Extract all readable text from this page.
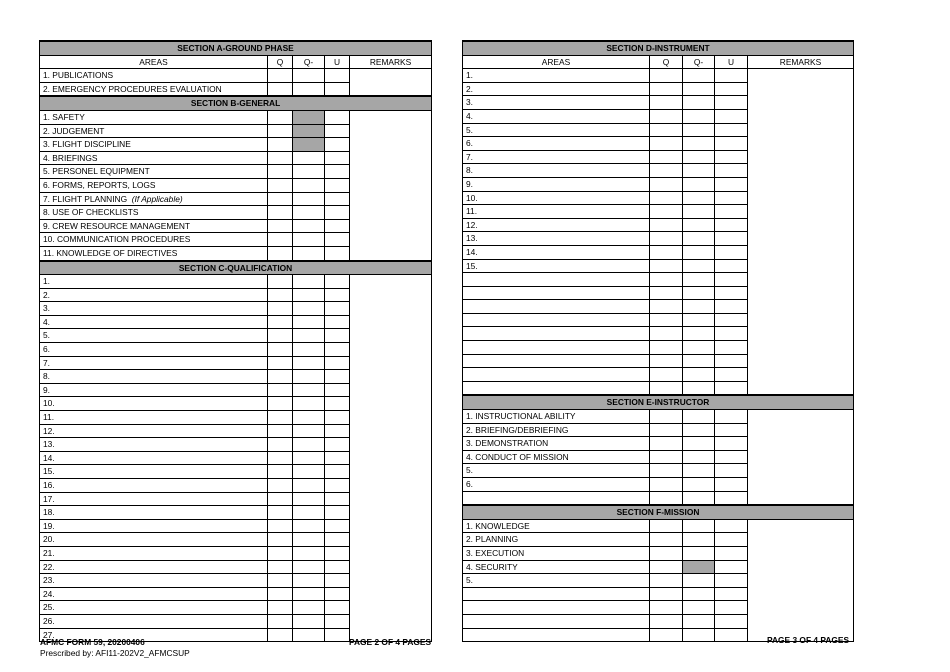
SECTION A-GROUND PHASE				
AREAS	Q	Q-	U	REMARKS
1. PUBLICATIONS				
2. EMERGENCY PROCEDURES EVALUATION				
SECTION B-GENERAL				
1. SAFETY				
2. JUDGEMENT				
3. FLIGHT DISCIPLINE				
4. BRIEFINGS				
5. PERSONEL EQUIPMENT				
6. FORMS, REPORTS, LOGS				
7. FLIGHT PLANNING (If Applicable)				
8. USE OF CHECKLISTS				
9. CREW RESOURCE MANAGEMENT				
10. COMMUNICATION PROCEDURES				
11. KNOWLEDGE OF DIRECTIVES				
SECTION C-QUALIFICATION				
1.				
2.				
3.				
4.				
5.				
6.				
7.				
8.				
9.				
10.				
11.				
12.				
13.				
14.				
15.				
16.				
17.				
18.				
19.				
20.				
21.				
22.				
23.				
24.				
25.				
26.				
27.				
SECTION D-INSTRUMENT				
AREAS	Q	Q-	U	REMARKS
1.				
2.				
3.				
4.				
5.				
6.				
7.				
8.				
9.				
10.				
11.				
12.				
13.				
14.				
15.				

SECTION E-INSTRUCTOR				
1. INSTRUCTIONAL ABILITY				
2. BRIEFING/DEBRIEFING				
3. DEMONSTRATION				
4. CONDUCT OF MISSION				
5.				
6.				

SECTION F-MISSION				
1. KNOWLEDGE				
2. PLANNING				
3. EXECUTION				
4. SECURITY				
5.				

AFMC FORM 59, 20200406
Prescribed by: AFI11-202V2_AFMCSUP
PAGE 2 OF 4 PAGES	PAGE 3 OF 4 PAGES
